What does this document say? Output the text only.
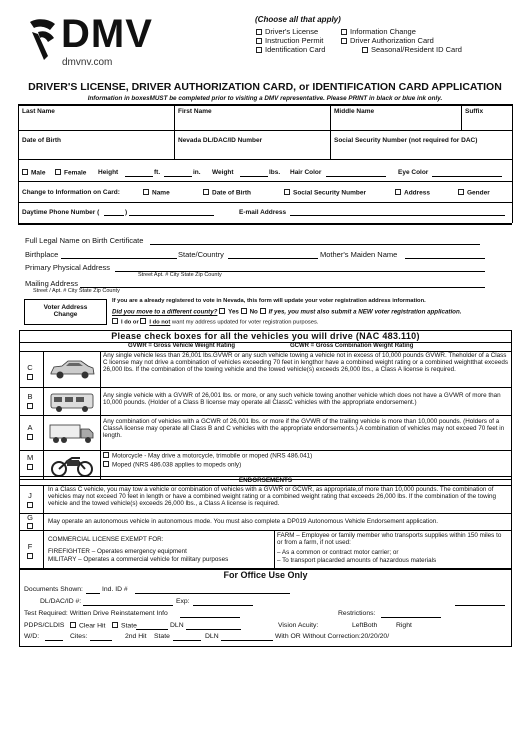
DMV
dmvnv.com
(Choose all that apply)
Driver's License	Information Change
Instruction Permit	Driver Authorization Card
Identification Card	Seasonal/Resident ID Card
DRIVER'S LICENSE, DRIVER AUTHORIZATION CARD, or IDENTIFICATION CARD APPLICATION
Information in boxesMUST be completed prior to visiting a DMV representative. Please PRINT in black or blue ink only.
Last Name	First Name	Middle Name	Suffix
Date of Birth	Nevada DL/DAC/ID Number	Social Security Number (not required for DAC)
Male	Female Height	ft.	in. Weight	lbs. Hair Color	Eye Color
Change to Information on Card:	Name	Date of Birth	Social Security Number	Address	Gender
Daytime Phone Number (	)	E-mail Address
Full Legal Name on Birth Certificate
Birthplace	State/Country	Mother's Maiden Name
Primary Physical Address
Street Apt. # City State Zip County
Mailing Address
Street / Apt. # City State Zip County
Voter Address Change
If you are a already registered to vote in Nevada, this form will update your voter registration address information.
Did you move to a different county? Yes No If yes, you must also submit a NEW voter registration application.
I do or I do not want my address updated for voter registration purposes.
Please check boxes for all the vehicles you will drive (NAC 483.110)
GVWR = Gross Vehicle Weight Rating	GCWR = Gross Combination Weight Rating
C

Any single vehicle less than 26,001 lbs.GVWR or any such vehicle towing a vehicle not in excess of 10,000 pounds GVWR. Theholder of a Class C license may not drive a combination of vehicles exceeding 70 feet in lengthor have a combined weight rating or a combined weightthat exceeds 26,000 lbs. If the combination of the towing vehicle and the towed vehicle(s) exceeds 26,000 lbs., a Class A license is required.
B	Any single vehicle with a GVWR of 26,001 lbs. or more, or any such vehicle towing another vehicle which does not have a GVWR of more than 10,000 pounds. (Holder of a Class B license may operate all ClassC vehicles with the appropriate endorsement.)
A

Any combination of vehicles with a GCWR of 26,001 lbs. or more if the GVWR of the trailing vehicle is more than 10,000 pounds. (Holders of a ClassA license may operate all Class B and C vehicles with the appropriate endorsements.) A combination of vehicles may not exceed 70 feet in length.
M	Motorcycle - May drive a motorcycle, trimobile or moped (NRS 486.041)
Moped (NRS 486.038 applies to mopeds only)
ENDORSEMENTS
J

In a Class C vehicle, you may tow a vehicle or combination of vehicles with a GVWR or GCWR, as appropriate,of more than 10,000 pounds. The combination of vehicles may not exceed 70 feet in length or have a combined weight rating or a combined weight rating that exceeds 26,000 lbs. If the combination of the towing vehicle and the towed vehicle(s) exceeds 26,000 lbs., a Class A license is required.
G May operate an autonomous vehicle in autonomous mode. You must also complete a DP019 Autonomous Vehicle Endorsement application.
F

COMMERCIAL LICENSE EXEMPT FOR:
FIREFIGHTER – Operates emergency equipment
MILITARY – Operates a commercial vehicle for military purposes
FARM – Employee or family member who transports supplies within 150 miles to or from a farm, if not used:
– As a common or contract motor carrier; or
– To transport placarded amounts of hazardous materials
For Office Use Only
Documents Shown:	Ind. ID #
DL/DAC/ID #:	Exp:
Test Required: Written Drive Reinstatement Info	Restrictions:
PDPS/CLDIS	Clear Hit	State	DLN	Vision Acuity:	LeftBoth	Right
W/D:	Cites:	2nd Hit State	DLN	With OR Without Correction:20/20/20/
